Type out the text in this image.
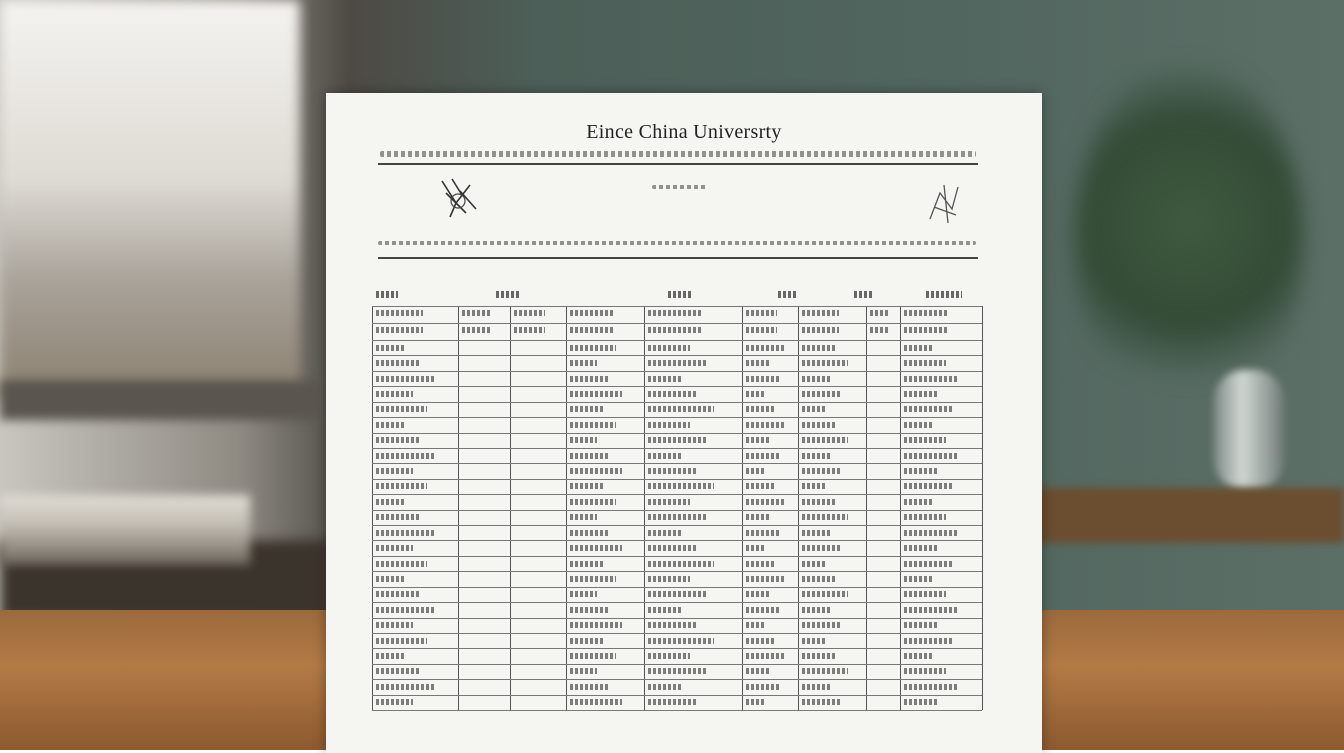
Eince China Universrty
